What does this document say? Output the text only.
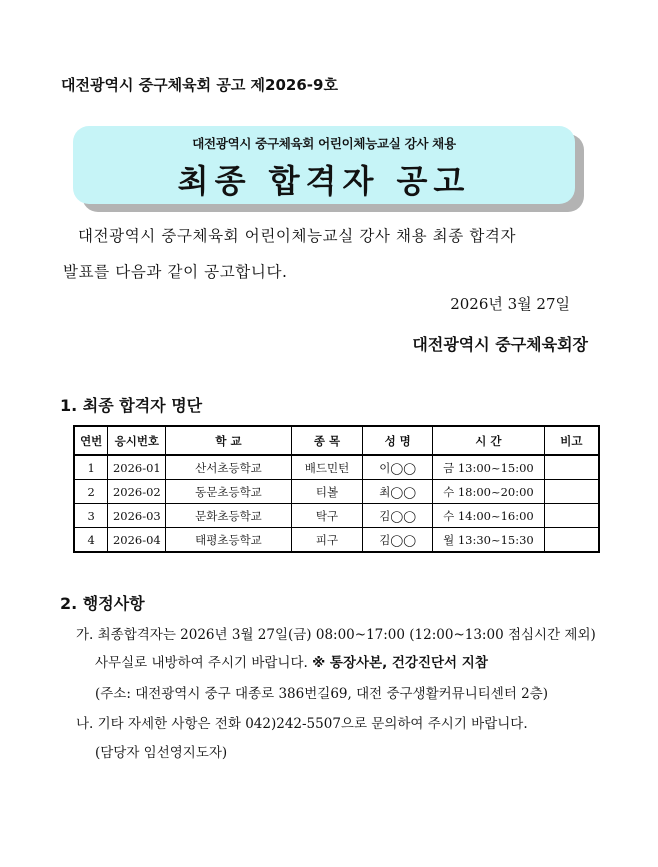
대전광역시 중구체육회 공고 제2026-9호
대전광역시 중구체육회 어린이체능교실 강사 채용
최종 합격자 공고
대전광역시 중구체육회 어린이체능교실 강사 채용 최종 합격자
발표를 다음과 같이 공고합니다.
2026년 3월 27일
대전광역시 중구체육회장
1. 최종 합격자 명단
연번	응시번호	학 교	종 목	성 명	시 간	비고
1	2026-01	산서초등학교	배드민턴	이◯◯	금 13:00~15:00	
2	2026-02	동문초등학교	티볼	최◯◯	수 18:00~20:00	
3	2026-03	문화초등학교	탁구	김◯◯	수 14:00~16:00	
4	2026-04	태평초등학교	피구	김◯◯	월 13:30~15:30	
2. 행정사항
가. 최종합격자는 2026년 3월 27일(금) 08:00~17:00 (12:00~13:00 점심시간 제외)
사무실로 내방하여 주시기 바랍니다. ※ 통장사본, 건강진단서 지참
(주소: 대전광역시 중구 대종로 386번길69, 대전 중구생활커뮤니티센터 2층)
나. 기타 자세한 사항은 전화 042)242-5507으로 문의하여 주시기 바랍니다.
(담당자 임선영지도자)
